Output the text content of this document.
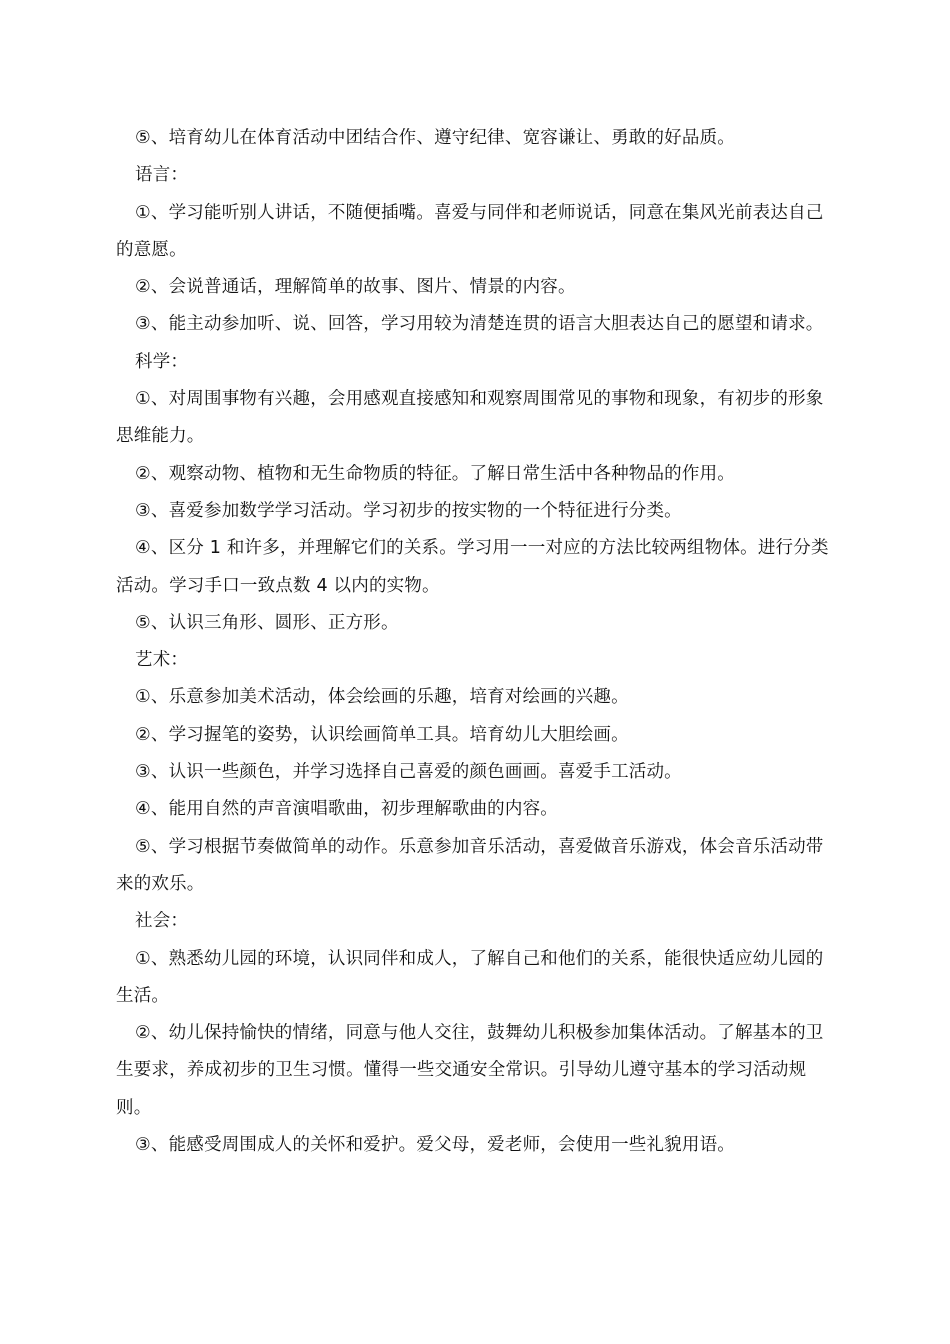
⑤、培育幼儿在体育活动中团结合作、遵守纪律、宽容谦让、勇敢的好品质。

语言：

①、学习能听别人讲话，不随便插嘴。喜爱与同伴和老师说话，同意在集风光前表达自己的意愿。

②、会说普通话，理解简单的故事、图片、情景的内容。

③、能主动参加听、说、回答，学习用较为清楚连贯的语言大胆表达自己的愿望和请求。

科学：

①、对周围事物有兴趣，会用感观直接感知和观察周围常见的事物和现象，有初步的形象思维能力。

②、观察动物、植物和无生命物质的特征。了解日常生活中各种物品的作用。

③、喜爱参加数学学习活动。学习初步的按实物的一个特征进行分类。

④、区分 1 和许多，并理解它们的关系。学习用一一对应的方法比较两组物体。进行分类活动。学习手口一致点数 4 以内的实物。

⑤、认识三角形、圆形、正方形。

艺术：

①、乐意参加美术活动，体会绘画的乐趣，培育对绘画的兴趣。

②、学习握笔的姿势，认识绘画简单工具。培育幼儿大胆绘画。

③、认识一些颜色，并学习选择自己喜爱的颜色画画。喜爱手工活动。

④、能用自然的声音演唱歌曲，初步理解歌曲的内容。

⑤、学习根据节奏做简单的动作。乐意参加音乐活动，喜爱做音乐游戏，体会音乐活动带来的欢乐。

社会：

①、熟悉幼儿园的环境，认识同伴和成人，了解自己和他们的关系，能很快适应幼儿园的生活。

②、幼儿保持愉快的情绪，同意与他人交往，鼓舞幼儿积极参加集体活动。了解基本的卫生要求，养成初步的卫生习惯。懂得一些交通安全常识。引导幼儿遵守基本的学习活动规则。

③、能感受周围成人的关怀和爱护。爱父母，爱老师，会使用一些礼貌用语。
